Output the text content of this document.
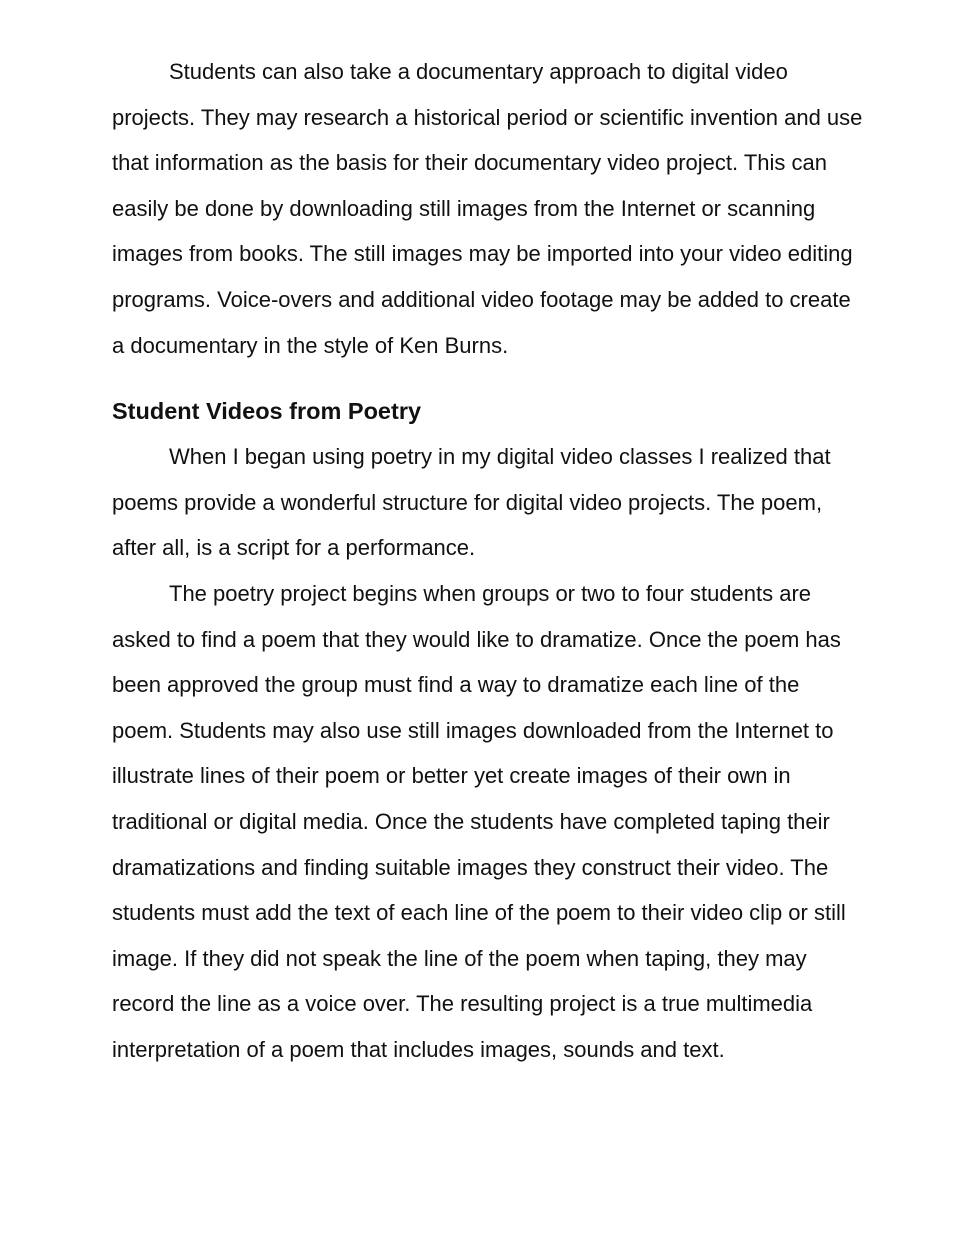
Students can also take a documentary approach to digital video
projects. They may research a historical period or scientific invention and use
that information as the basis for their documentary video project. This can
easily be done by downloading still images from the Internet or scanning
images from books. The still images may be imported into your video editing
programs. Voice-overs and additional video footage may be added to create
a documentary in the style of Ken Burns.
Student Videos from Poetry
When I began using poetry in my digital video classes I realized that
poems provide a wonderful structure for digital video projects. The poem,
after all, is a script for a performance.
The poetry project begins when groups or two to four students are
asked to find a poem that they would like to dramatize. Once the poem has
been approved the group must find a way to dramatize each line of the
poem. Students may also use still images downloaded from the Internet to
illustrate lines of their poem or better yet create images of their own in
traditional or digital media. Once the students have completed taping their
dramatizations and finding suitable images they construct their video. The
students must add the text of each line of the poem to their video clip or still
image. If they did not speak the line of the poem when taping, they may
record the line as a voice over. The resulting project is a true multimedia
interpretation of a poem that includes images, sounds and text.
